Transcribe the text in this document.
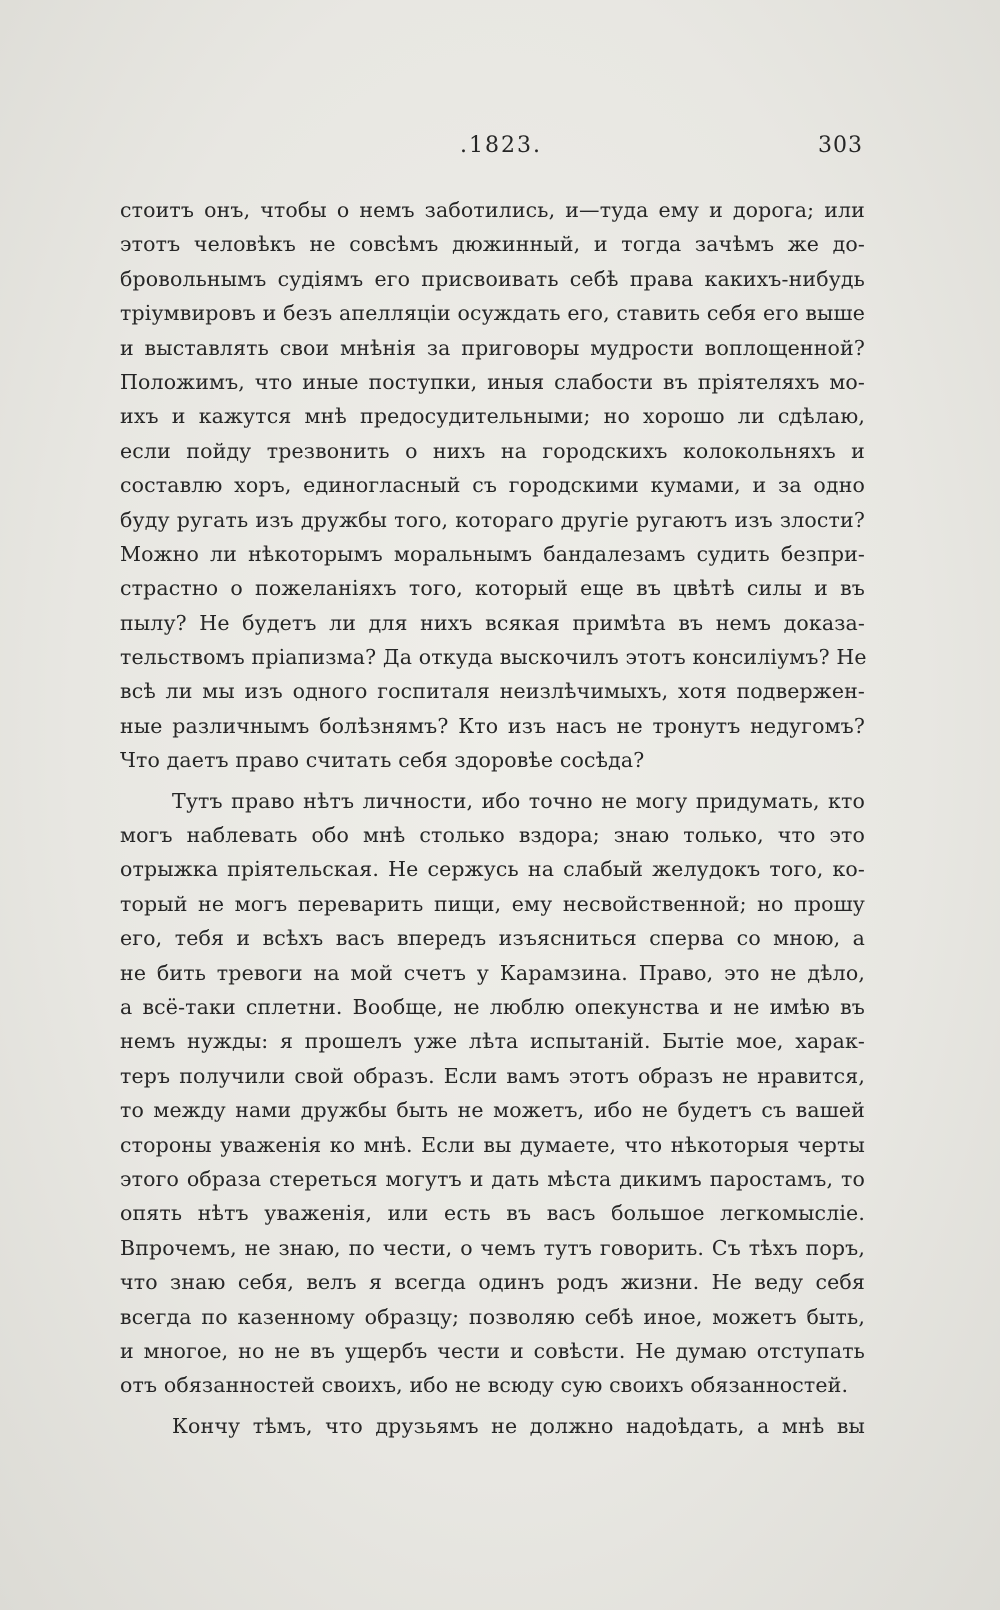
.1823.	303
стоитъ онъ, чтобы о немъ заботились, и—туда ему и дорога; или
этотъ человѣкъ не совсѣмъ дюжинный, и тогда зачѣмъ же до-
бровольнымъ судіямъ его присвоивать себѣ права какихъ-нибудь
тріумвировъ и безъ апелляціи осуждать его, ставить себя его выше
и выставлять свои мнѣнія за приговоры мудрости воплощенной?
Положимъ, что иные поступки, иныя слабости въ пріятеляхъ мо-
ихъ и кажутся мнѣ предосудительными; но хорошо ли сдѣлаю,
если пойду трезвонить о нихъ на городскихъ колокольняхъ и
составлю хоръ, единогласный съ городскими кумами, и за одно
буду ругать изъ дружбы того, котораго другіе ругаютъ изъ злости?
Можно ли нѣкоторымъ моральнымъ бандалезамъ судить безпри-
страстно о пожеланіяхъ того, который еще въ цвѣтѣ силы и въ
пылу? Не будетъ ли для нихъ всякая примѣта въ немъ доказа-
тельствомъ пріапизма? Да откуда выскочилъ этотъ консиліумъ? Не
всѣ ли мы изъ одного госпиталя неизлѣчимыхъ, хотя подвержен-
ные различнымъ болѣзнямъ? Кто изъ насъ не тронутъ недугомъ?
Что даетъ право считать себя здоровѣе сосѣда?
Тутъ право нѣтъ личности, ибо точно не могу придумать, кто
могъ наблевать обо мнѣ столько вздора; знаю только, что это
отрыжка пріятельская. Не сержусь на слабый желудокъ того, ко-
торый не могъ переварить пищи, ему несвойственной; но прошу
его, тебя и всѣхъ васъ впередъ изъясниться сперва со мною, а
не бить тревоги на мой счетъ у Карамзина. Право, это не дѣло,
а всё-таки сплетни. Вообще, не люблю опекунства и не имѣю въ
немъ нужды: я прошелъ уже лѣта испытаній. Бытіе мое, харак-
теръ получили свой образъ. Если вамъ этотъ образъ не нравится,
то между нами дружбы быть не можетъ, ибо не будетъ съ вашей
стороны уваженія ко мнѣ. Если вы думаете, что нѣкоторыя черты
этого образа стереться могутъ и дать мѣста дикимъ паростамъ, то
опять нѣтъ уваженія, или есть въ васъ большое легкомысліе.
Впрочемъ, не знаю, по чести, о чемъ тутъ говорить. Съ тѣхъ поръ,
что знаю себя, велъ я всегда одинъ родъ жизни. Не веду себя
всегда по казенному образцу; позволяю себѣ иное, можетъ быть,
и многое, но не въ ущербъ чести и совѣсти. Не думаю отступать
отъ обязанностей своихъ, ибо не всюду сую своихъ обязанностей.
Кончу тѣмъ, что друзьямъ не должно надоѣдать, а мнѣ вы
